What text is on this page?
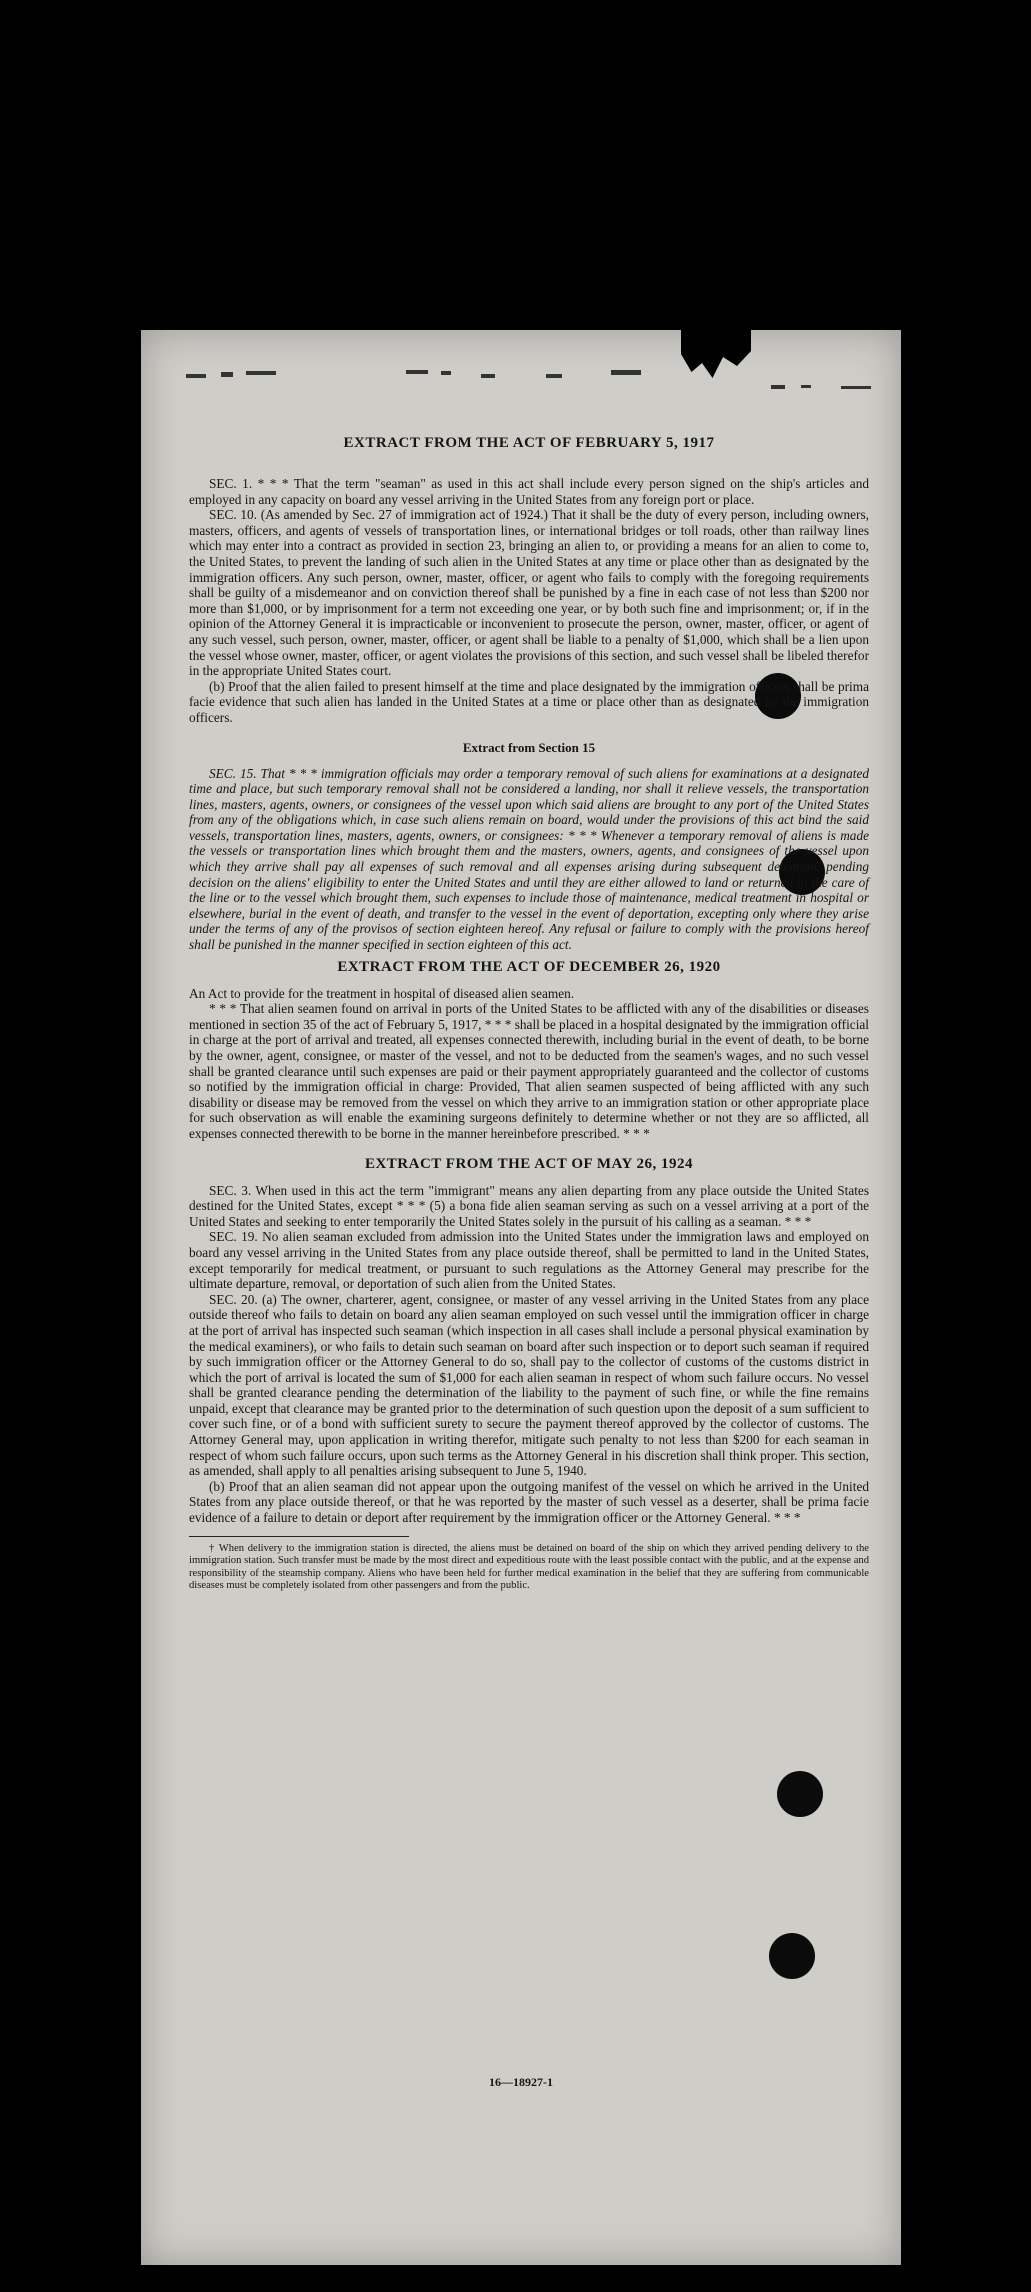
EXTRACT FROM THE ACT OF FEBRUARY 5, 1917

SEC. 1. * * * That the term "seaman" as used in this act shall include every person signed on the ship's articles and employed in any capacity on board any vessel arriving in the United States from any foreign port or place.

SEC. 10. (As amended by Sec. 27 of immigration act of 1924.) That it shall be the duty of every person, including owners, masters, officers, and agents of vessels of transportation lines, or international bridges or toll roads, other than railway lines which may enter into a contract as provided in section 23, bringing an alien to, or providing a means for an alien to come to, the United States, to prevent the landing of such alien in the United States at any time or place other than as designated by the immigration officers. Any such person, owner, master, officer, or agent who fails to comply with the foregoing requirements shall be guilty of a misdemeanor and on conviction thereof shall be punished by a fine in each case of not less than $200 nor more than $1,000, or by imprisonment for a term not exceeding one year, or by both such fine and imprisonment; or, if in the opinion of the Attorney General it is impracticable or inconvenient to prosecute the person, owner, master, officer, or agent of any such vessel, such person, owner, master, officer, or agent shall be liable to a penalty of $1,000, which shall be a lien upon the vessel whose owner, master, officer, or agent violates the provisions of this section, and such vessel shall be libeled therefor in the appropriate United States court.

(b) Proof that the alien failed to present himself at the time and place designated by the immigration officers shall be prima facie evidence that such alien has landed in the United States at a time or place other than as designated by the immigration officers.

Extract from Section 15

SEC. 15. That * * * immigration officials may order a temporary removal of such aliens for examinations at a designated time and place, but such temporary removal shall not be considered a landing, nor shall it relieve vessels, the transportation lines, masters, agents, owners, or consignees of the vessel upon which said aliens are brought to any port of the United States from any of the obligations which, in case such aliens remain on board, would under the provisions of this act bind the said vessels, transportation lines, masters, agents, owners, or consignees: * * * Whenever a temporary removal of aliens is made the vessels or transportation lines which brought them and the masters, owners, agents, and consignees of the vessel upon which they arrive shall pay all expenses of such removal and all expenses arising during subsequent detention, pending decision on the aliens' eligibility to enter the United States and until they are either allowed to land or returned to the care of the line or to the vessel which brought them, such expenses to include those of maintenance, medical treatment in hospital or elsewhere, burial in the event of death, and transfer to the vessel in the event of deportation, excepting only where they arise under the terms of any of the provisos of section eighteen hereof. Any refusal or failure to comply with the provisions hereof shall be punished in the manner specified in section eighteen of this act.

EXTRACT FROM THE ACT OF DECEMBER 26, 1920

An Act to provide for the treatment in hospital of diseased alien seamen.

* * * That alien seamen found on arrival in ports of the United States to be afflicted with any of the disabilities or diseases mentioned in section 35 of the act of February 5, 1917, * * * shall be placed in a hospital designated by the immigration official in charge at the port of arrival and treated, all expenses connected therewith, including burial in the event of death, to be borne by the owner, agent, consignee, or master of the vessel, and not to be deducted from the seamen's wages, and no such vessel shall be granted clearance until such expenses are paid or their payment appropriately guaranteed and the collector of customs so notified by the immigration official in charge: Provided, That alien seamen suspected of being afflicted with any such disability or disease may be removed from the vessel on which they arrive to an immigration station or other appropriate place for such observation as will enable the examining surgeons definitely to determine whether or not they are so afflicted, all expenses connected therewith to be borne in the manner hereinbefore prescribed. * * *

EXTRACT FROM THE ACT OF MAY 26, 1924

SEC. 3. When used in this act the term "immigrant" means any alien departing from any place outside the United States destined for the United States, except * * * (5) a bona fide alien seaman serving as such on a vessel arriving at a port of the United States and seeking to enter temporarily the United States solely in the pursuit of his calling as a seaman. * * *

SEC. 19. No alien seaman excluded from admission into the United States under the immigration laws and employed on board any vessel arriving in the United States from any place outside thereof, shall be permitted to land in the United States, except temporarily for medical treatment, or pursuant to such regulations as the Attorney General may prescribe for the ultimate departure, removal, or deportation of such alien from the United States.

SEC. 20. (a) The owner, charterer, agent, consignee, or master of any vessel arriving in the United States from any place outside thereof who fails to detain on board any alien seaman employed on such vessel until the immigration officer in charge at the port of arrival has inspected such seaman (which inspection in all cases shall include a personal physical examination by the medical examiners), or who fails to detain such seaman on board after such inspection or to deport such seaman if required by such immigration officer or the Attorney General to do so, shall pay to the collector of customs of the customs district in which the port of arrival is located the sum of $1,000 for each alien seaman in respect of whom such failure occurs. No vessel shall be granted clearance pending the determination of the liability to the payment of such fine, or while the fine remains unpaid, except that clearance may be granted prior to the determination of such question upon the deposit of a sum sufficient to cover such fine, or of a bond with sufficient surety to secure the payment thereof approved by the collector of customs. The Attorney General may, upon application in writing therefor, mitigate such penalty to not less than $200 for each seaman in respect of whom such failure occurs, upon such terms as the Attorney General in his discretion shall think proper. This section, as amended, shall apply to all penalties arising subsequent to June 5, 1940.

(b) Proof that an alien seaman did not appear upon the outgoing manifest of the vessel on which he arrived in the United States from any place outside thereof, or that he was reported by the master of such vessel as a deserter, shall be prima facie evidence of a failure to detain or deport after requirement by the immigration officer or the Attorney General. * * *

† When delivery to the immigration station is directed, the aliens must be detained on board of the ship on which they arrived pending delivery to the immigration station. Such transfer must be made by the most direct and expeditious route with the least possible contact with the public, and at the expense and responsibility of the steamship company. Aliens who have been held for further medical examination in the belief that they are suffering from communicable diseases must be completely isolated from other passengers and from the public.

16—18927-1
